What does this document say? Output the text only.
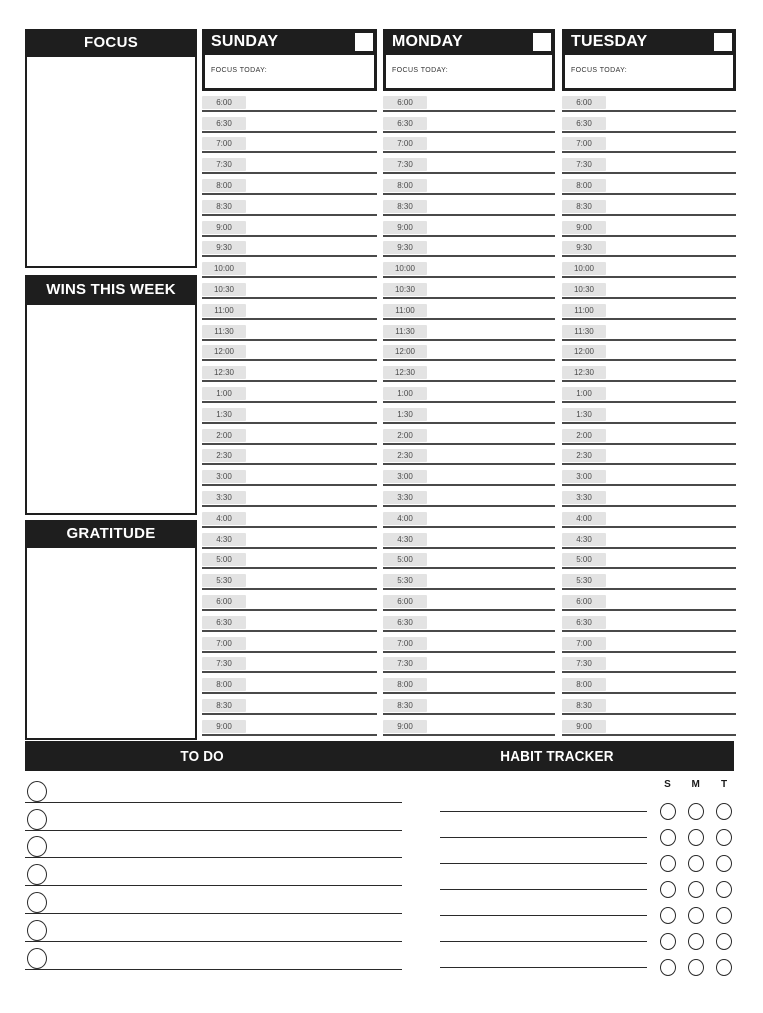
FOCUS
WINS THIS WEEK
GRATITUDE
SUNDAY
FOCUS TODAY:
6:00
6:30
7:00
7:30
8:00
8:30
9:00
9:30
10:00
10:30
11:00
11:30
12:00
12:30
1:00
1:30
2:00
2:30
3:00
3:30
4:00
4:30
5:00
5:30
6:00
6:30
7:00
7:30
8:00
8:30
9:00
MONDAY
FOCUS TODAY:
6:00
6:30
7:00
7:30
8:00
8:30
9:00
9:30
10:00
10:30
11:00
11:30
12:00
12:30
1:00
1:30
2:00
2:30
3:00
3:30
4:00
4:30
5:00
5:30
6:00
6:30
7:00
7:30
8:00
8:30
9:00
TUESDAY
FOCUS TODAY:
6:00
6:30
7:00
7:30
8:00
8:30
9:00
9:30
10:00
10:30
11:00
11:30
12:00
12:30
1:00
1:30
2:00
2:30
3:00
3:30
4:00
4:30
5:00
5:30
6:00
6:30
7:00
7:30
8:00
8:30
9:00
TO DO	HABIT TRACKER
S	M	T
